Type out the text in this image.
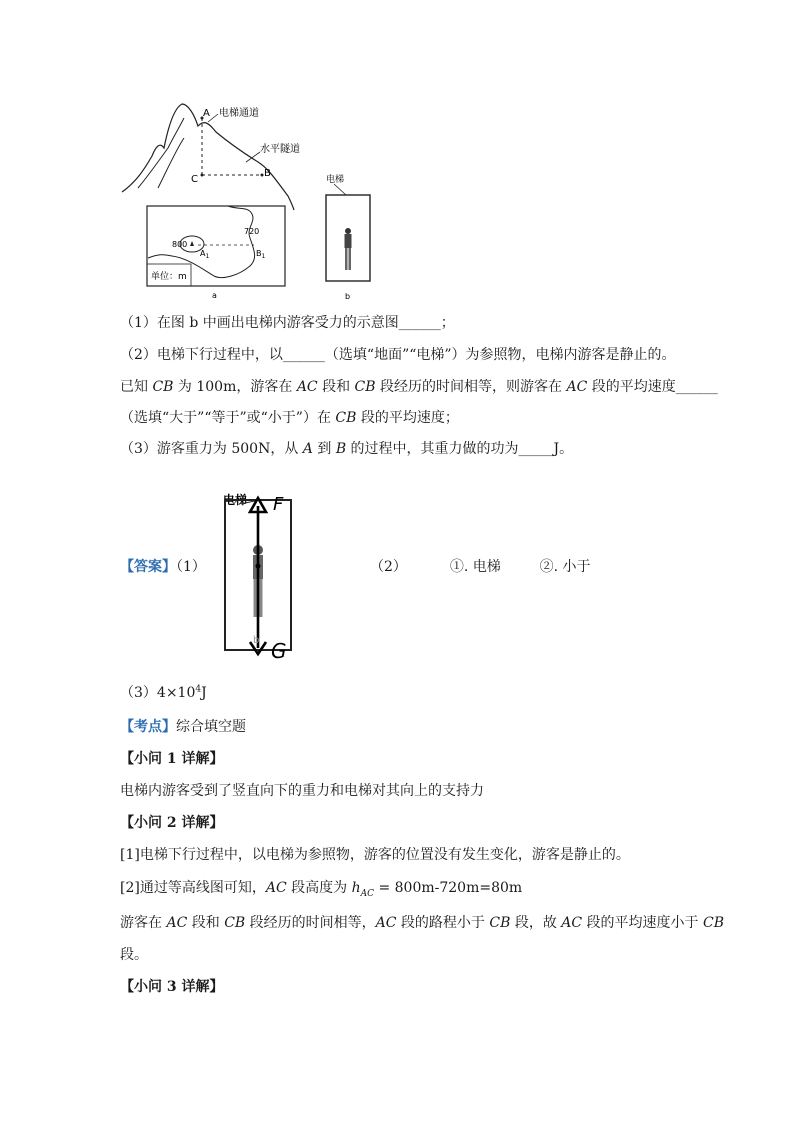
A
C
B
电梯通道
水平隧道
800
720
$A_1$	$B_1$
单位：m
a
电梯
b
（1）在图 b 中画出电梯内游客受力的示意图______；
（2）电梯下行过程中，以______（选填“地面”“电梯”）为参照物，电梯内游客是静止的。
已知 CB 为 100m，游客在 AC 段和 CB 段经历的时间相等，则游客在 AC 段的平均速度______
（选填“大于”“等于”或“小于”）在 CB 段的平均速度；
（3）游客重力为 500N，从 A 到 B 的过程中，其重力做的功为_____J。
电梯 F
G
b
【答案】（1）	（2）	①. 电梯	②. 小于
$(3)4\times 10^4J$
【考点】综合填空题
【小问 1 详解】
电梯内游客受到了竖直向下的重力和电梯对其向上的支持力
【小问 2 详解】
[1]电梯下行过程中，以电梯为参照物，游客的位置没有发生变化，游客是静止的。
[2]通过等高线图可知，AC 段高度为 $h_{AC} = 800m-720m=80m$
游客在 AC 段和 CB 段经历的时间相等，AC 段的路程小于 CB 段，故 AC 段的平均速度小于 CB
段。
【小问 3 详解】
